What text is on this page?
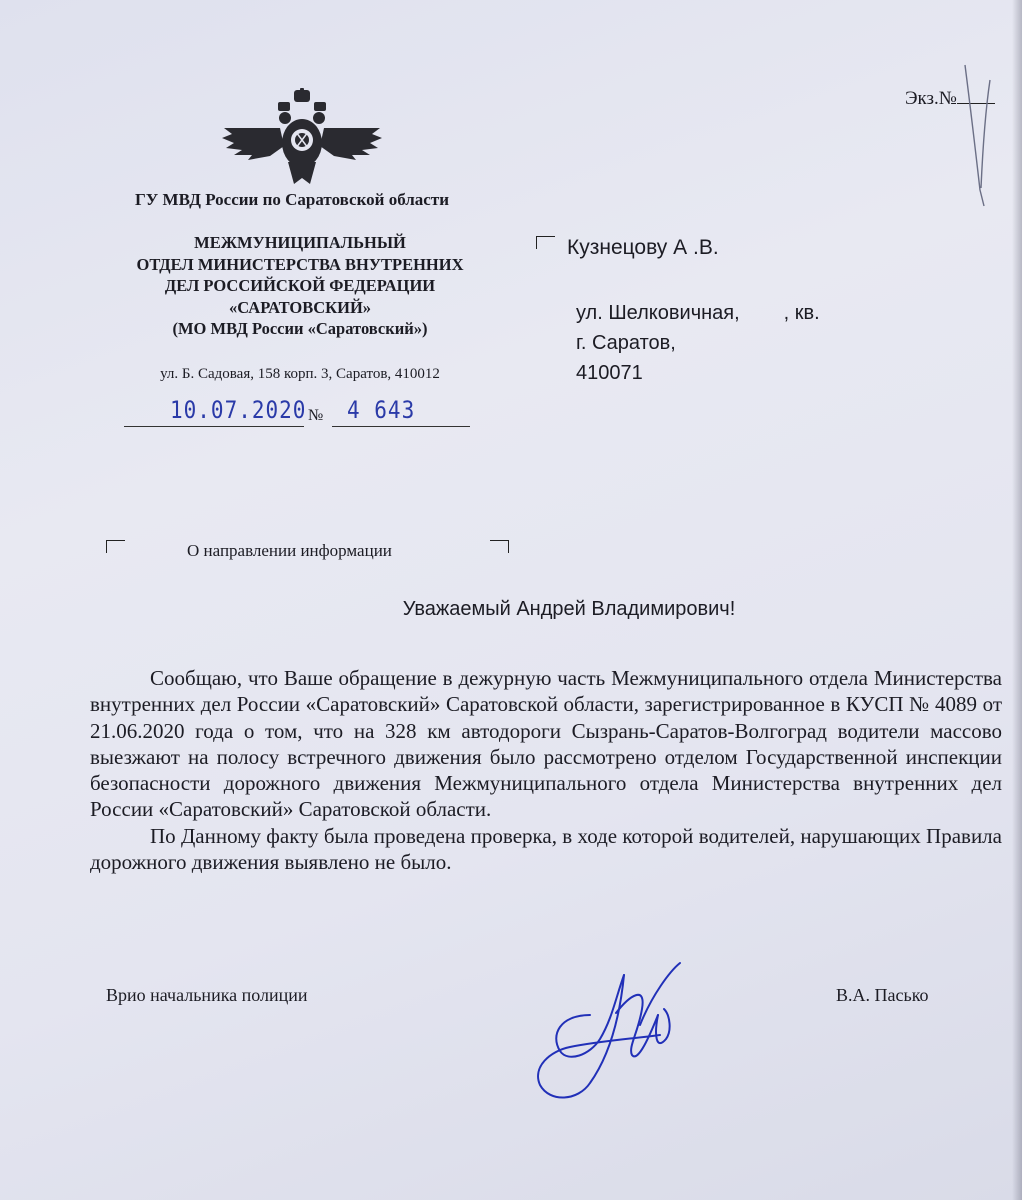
Экз.№
ГУ МВД России по Саратовской области
МЕЖМУНИЦИПАЛЬНЫЙ
ОТДЕЛ МИНИСТЕРСТВА ВНУТРЕННИХ
ДЕЛ РОССИЙСКОЙ ФЕДЕРАЦИИ
«САРАТОВСКИЙ»
(МО МВД России «Саратовский»)
ул. Б. Садовая, 158 корп. 3, Саратов, 410012
10.07.2020 № 4 643
Кузнецову А .В.
ул. Шелковичная, , кв.
г. Саратов,
410071
О направлении информации
Уважаемый Андрей Владимирович!

Сообщаю, что Ваше обращение в дежурную часть Межмуниципального отдела Министерства внутренних дел России «Саратовский» Саратовской области, зарегистрированное в КУСП № 4089 от 21.06.2020 года о том, что на 328 км автодороги Сызрань-Саратов-Волгоград водители массово выезжают на полосу встречного движения было рассмотрено отделом Государственной инспекции безопасности дорожного движения Межмуниципального отдела Министерства внутренних дел России «Саратовский» Саратовской области.

По Данному факту была проведена проверка, в ходе которой водителей, нарушающих Правила дорожного движения выявлено не было.

Врио начальника полиции	В.А. Пасько
